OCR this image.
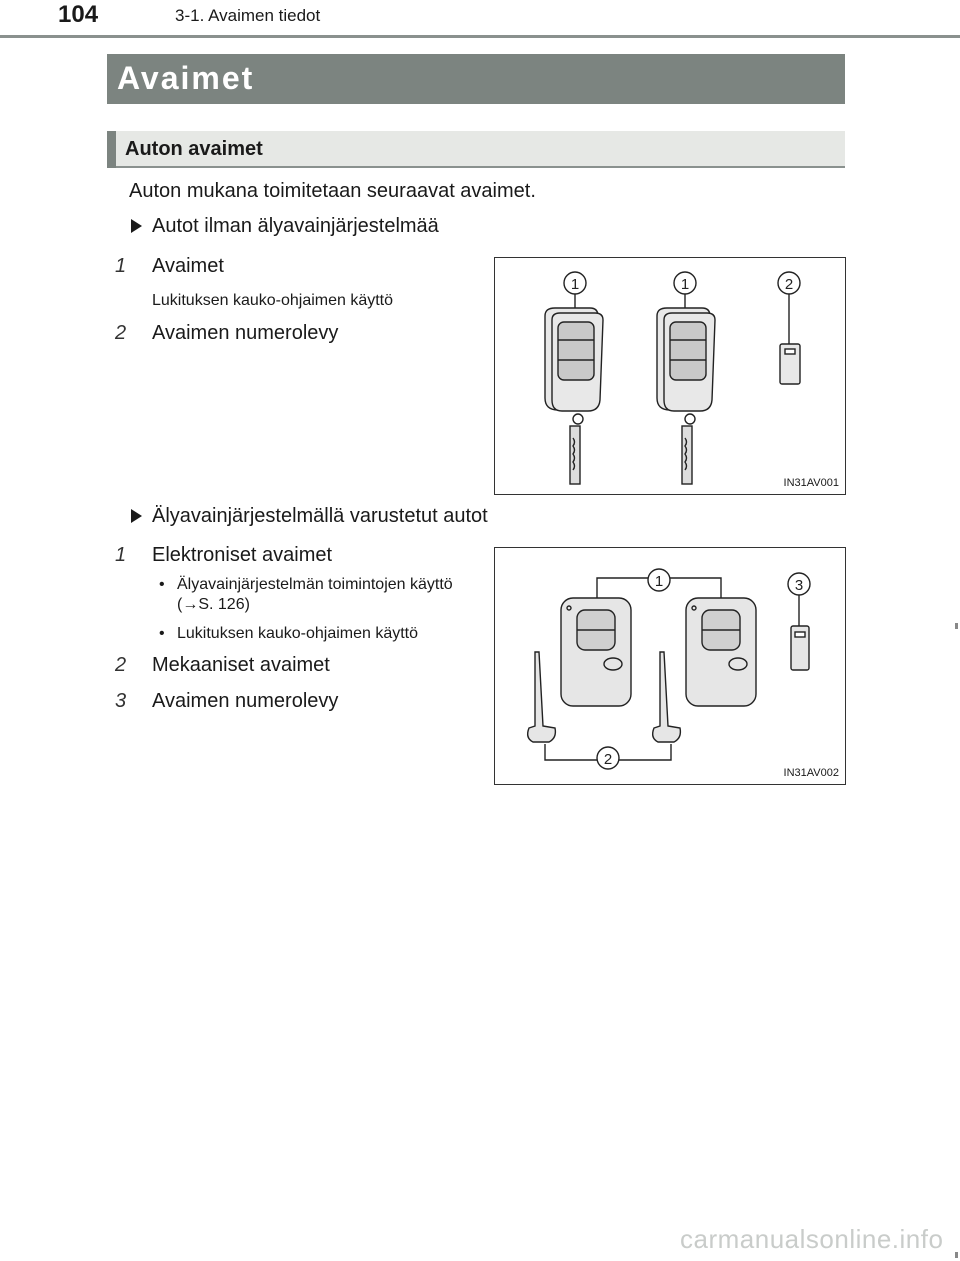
104	3-1. Avaimen tiedot
Avaimet
Auton avaimet
Auton mukana toimitetaan seuraavat avaimet.
Autot ilman älyavainjärjestelmää
1 Avaimet
Lukituksen kauko-ohjaimen käyttö
2 Avaimen numerolevy
1	1	2
IN31AV001
Älyavainjärjestelmällä varustetut autot
1 Elektroniset avaimet
• Älyavainjärjestelmän toimintojen käyttö (→S. 126)
• Lukituksen kauko-ohjaimen käyttö
2 Mekaaniset avaimet
3 Avaimen numerolevy
1
2
3
IN31AV002
carmanualsonline.info
